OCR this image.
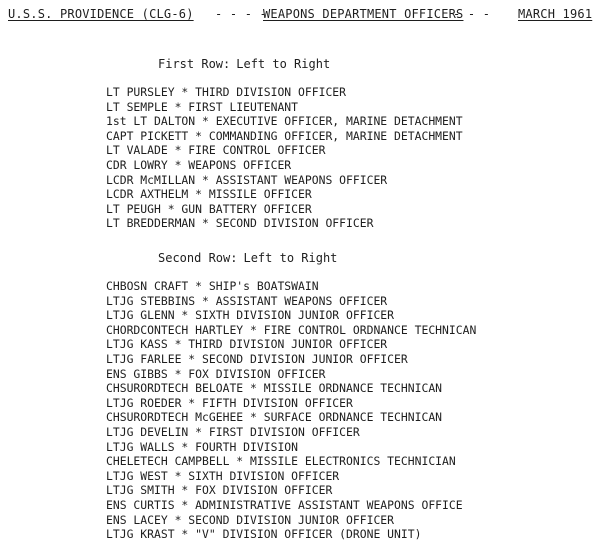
U.S.S. PROVIDENCE (CLG-6) - - - -
WEAPONS DEPARTMENT OFFICERS
- - - MARCH 1961
First Row: Left to Right
LT PURSLEY * THIRD DIVISION OFFICER
LT SEMPLE * FIRST LIEUTENANT
1st LT DALTON * EXECUTIVE OFFICER, MARINE DETACHMENT
CAPT PICKETT * COMMANDING OFFICER, MARINE DETACHMENT
LT VALADE * FIRE CONTROL OFFICER
CDR LOWRY * WEAPONS OFFICER
LCDR McMILLAN * ASSISTANT WEAPONS OFFICER
LCDR AXTHELM * MISSILE OFFICER
LT PEUGH * GUN BATTERY OFFICER
LT BREDDERMAN * SECOND DIVISION OFFICER
Second Row: Left to Right
CHBOSN CRAFT * SHIP's BOATSWAIN
LTJG STEBBINS * ASSISTANT WEAPONS OFFICER
LTJG GLENN * SIXTH DIVISION JUNIOR OFFICER
CHORDCONTECH HARTLEY * FIRE CONTROL ORDNANCE TECHNICAN
LTJG KASS * THIRD DIVISION JUNIOR OFFICER
LTJG FARLEE * SECOND DIVISION JUNIOR OFFICER
ENS GIBBS * FOX DIVISION OFFICER
CHSURORDTECH BELOATE * MISSILE ORDNANCE TECHNICAN
LTJG ROEDER * FIFTH DIVISION OFFICER
CHSURORDTECH McGEHEE * SURFACE ORDNANCE TECHNICAN
LTJG DEVELIN * FIRST DIVISION OFFICER
LTJG WALLS * FOURTH DIVISION
CHELETECH CAMPBELL * MISSILE ELECTRONICS TECHNICIAN
LTJG WEST * SIXTH DIVISION OFFICER
LTJG SMITH * FOX DIVISION OFFICER
ENS CURTIS * ADMINISTRATIVE ASSISTANT WEAPONS OFFICE
ENS LACEY * SECOND DIVISION JUNIOR OFFICER
LTJG KRAST * "V" DIVISION OFFICER (DRONE UNIT)
